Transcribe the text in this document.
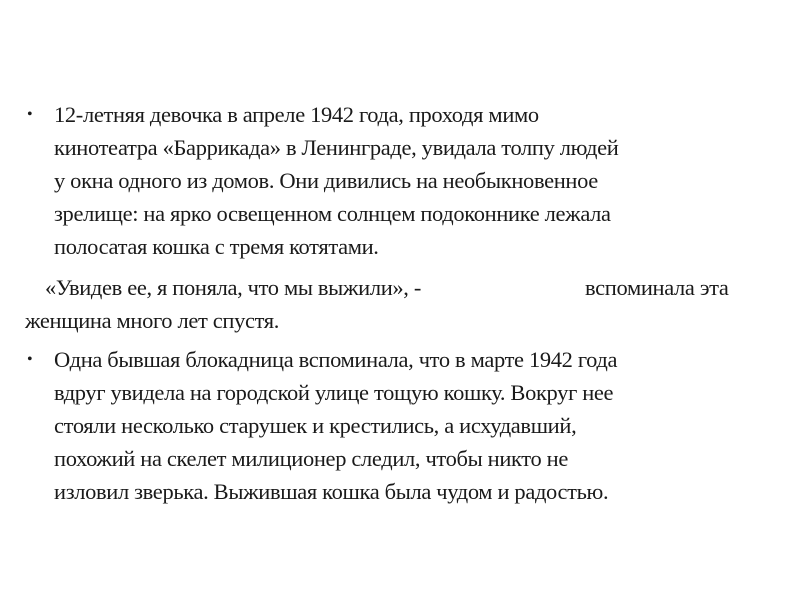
• 12-летняя девочка в апреле 1942 года, проходя мимо
кинотеатра «Баррикада» в Ленинграде, увидала толпу людей
у окна одного из домов. Они дивились на необыкновенное
зрелище: на ярко освещенном солнцем подоконнике лежала
полосатая кошка с тремя котятами.
«Увидев ее, я поняла, что мы выжили», -	вспоминала эта
женщина много лет спустя.
• Одна бывшая блокадница вспоминала, что в марте 1942 года
вдруг увидела на городской улице тощую кошку. Вокруг нее
стояли несколько старушек и крестились, а исхудавший,
похожий на скелет милиционер следил, чтобы никто не
изловил зверька. Выжившая кошка была чудом и радостью.
